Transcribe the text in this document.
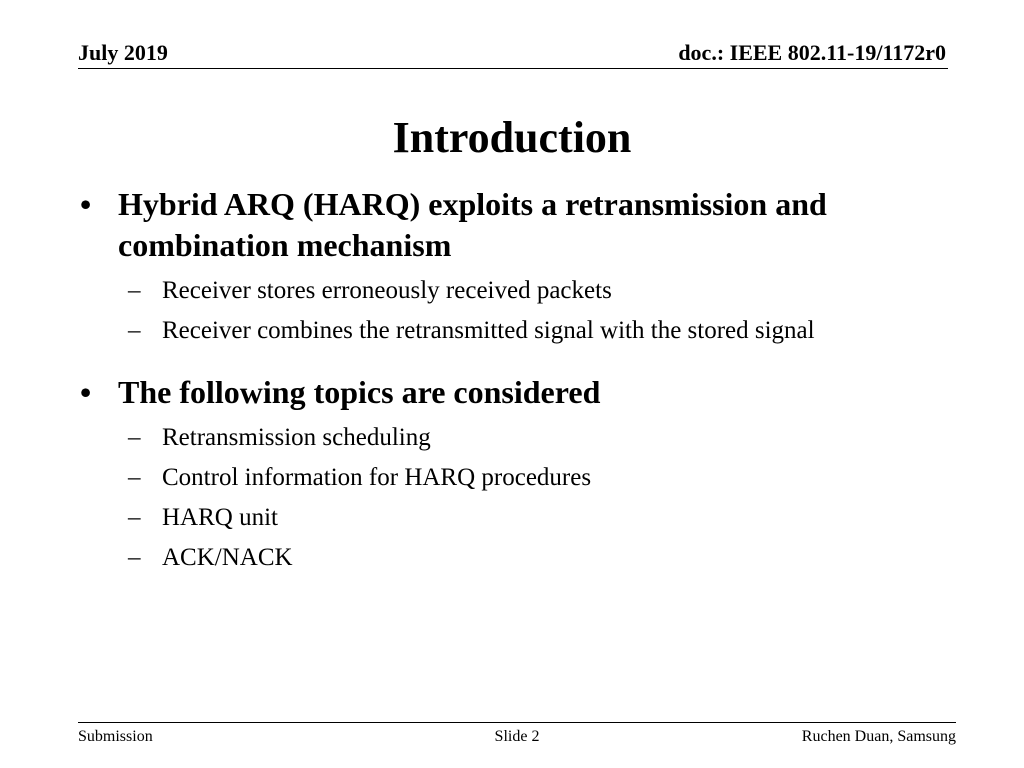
July 2019	doc.: IEEE 802.11-19/1172r0
Introduction
• Hybrid ARQ (HARQ) exploits a retransmission and combination mechanism
– Receiver stores erroneously received packets
– Receiver combines the retransmitted signal with the stored signal
• The following topics are considered
– Retransmission scheduling
– Control information for HARQ procedures
– HARQ unit
– ACK/NACK
Submission	Slide 2	Ruchen Duan, Samsung
